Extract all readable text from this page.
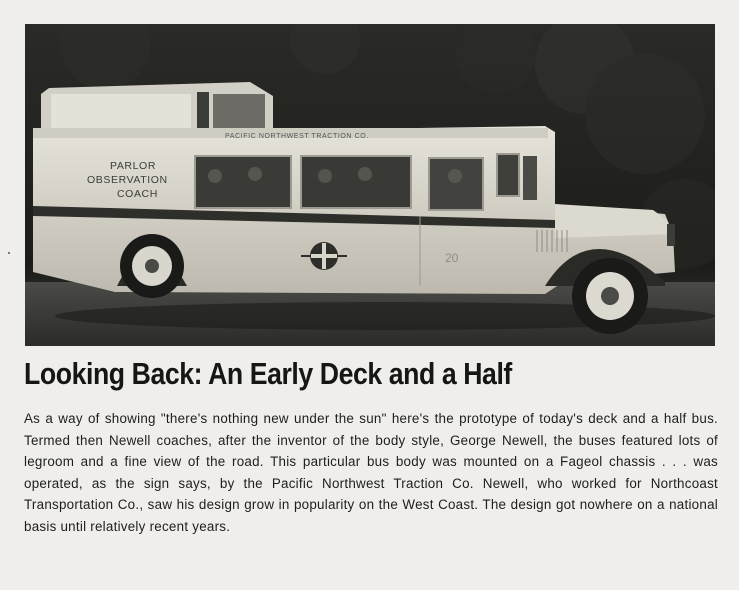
PACIFIC NORTHWEST TRACTION CO.
PARLOR
OBSERVATION
COACH
20
Looking Back: An Early Deck and a Half

As a way of showing "there's nothing new under the sun" here's the prototype of today's deck and a half bus. Termed then Newell coaches, after the inventor of the body style, George Newell, the buses featured lots of legroom and a fine view of the road. This particular bus body was mounted on a Fageol chassis . . . was operated, as the sign says, by the Pacific Northwest Traction Co. Newell, who worked for Northcoast Transportation Co., saw his design grow in popularity on the West Coast. The design got nowhere on a national basis until relatively recent years.
